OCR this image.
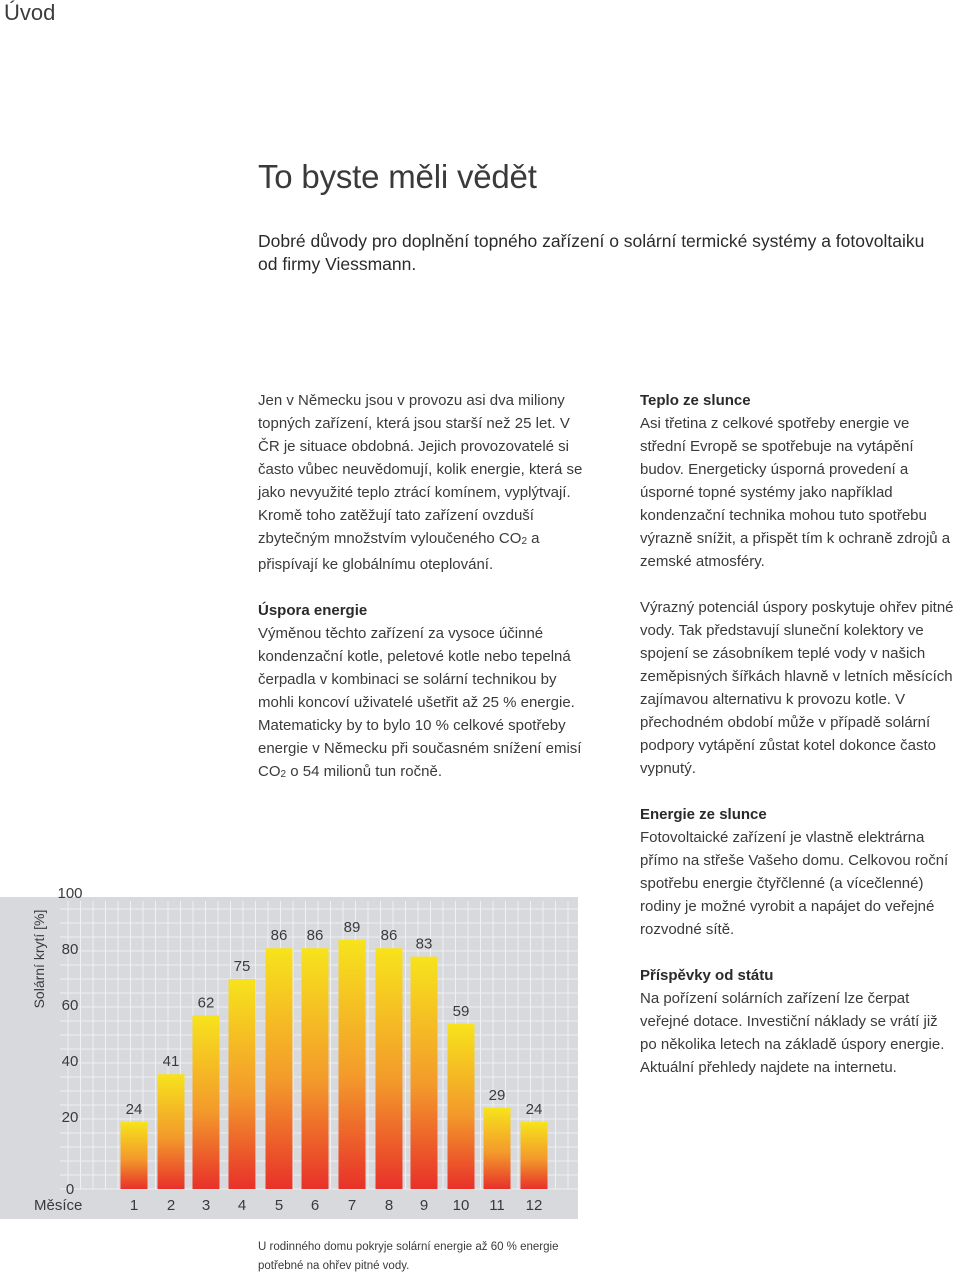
Úvod
To byste měli vědět

Dobré důvody pro doplnění topného zařízení o solární termické systémy a fotovoltaiku od firmy Viessmann.

Jen v Německu jsou v provozu asi dva miliony topných zařízení, která jsou starší než 25 let. V ČR je situace obdobná. Jejich provozovatelé si často vůbec neuvědomují, kolik energie, která se jako nevyužité teplo ztrácí komínem, vyplýtvají. Kromě toho zatěžují tato zařízení ovzduší zbytečným množstvím vyloučeného $CO_2$ a přispívají ke globálnímu oteplování.

Úspora energie

Výměnou těchto zařízení za vysoce účinné kondenzační kotle, peletové kotle nebo tepelná čerpadla v kombinaci se solární technikou by mohli koncoví uživatelé ušetřit až 25 % energie. Matematicky by to bylo 10 % celkové spotřeby energie v Německu při současném snížení emisí $CO_2$ o 54 milionů tun ročně.

Teplo ze slunce

Asi třetina z celkové spotřeby energie ve střední Evropě se spotřebuje na vytápění budov. Energeticky úsporná provedení a úsporné topné systémy jako například kondenzační technika mohou tuto spotřebu výrazně snížit, a přispět tím k ochraně zdrojů a zemské atmosféry.

Výrazný potenciál úspory poskytuje ohřev pitné vody. Tak představují sluneční kolektory ve spojení se zásobníkem teplé vody v našich zeměpisných šířkách hlavně v letních měsících zajímavou alternativu k provozu kotle. V přechodném období může v případě solární podpory vytápění zůstat kotel dokonce často vypnutý.

Energie ze slunce

Fotovoltaické zařízení je vlastně elektrárna přímo na střeše Vašeho domu. Celkovou roční spotřebu energie čtyřčlenné (a vícečlenné) rodiny je možné vyrobit a napájet do veřejné rozvodné sítě.

Příspěvky od státu

Na pořízení solárních zařízení lze čerpat veřejné dotace. Investiční náklady se vrátí již po několika letech na základě úspory energie. Aktuální přehledy najdete na internetu.

0
20
40
60
80
100
24
1
41
2
62
3
75
4
86
5
86
6
89
7
86
8
83
9
59
10
29
11
24
12
Solární krytí [%]
Měsíce
U rodinného domu pokryje solární energie až 60 % energie potřebné na ohřev pitné vody.
